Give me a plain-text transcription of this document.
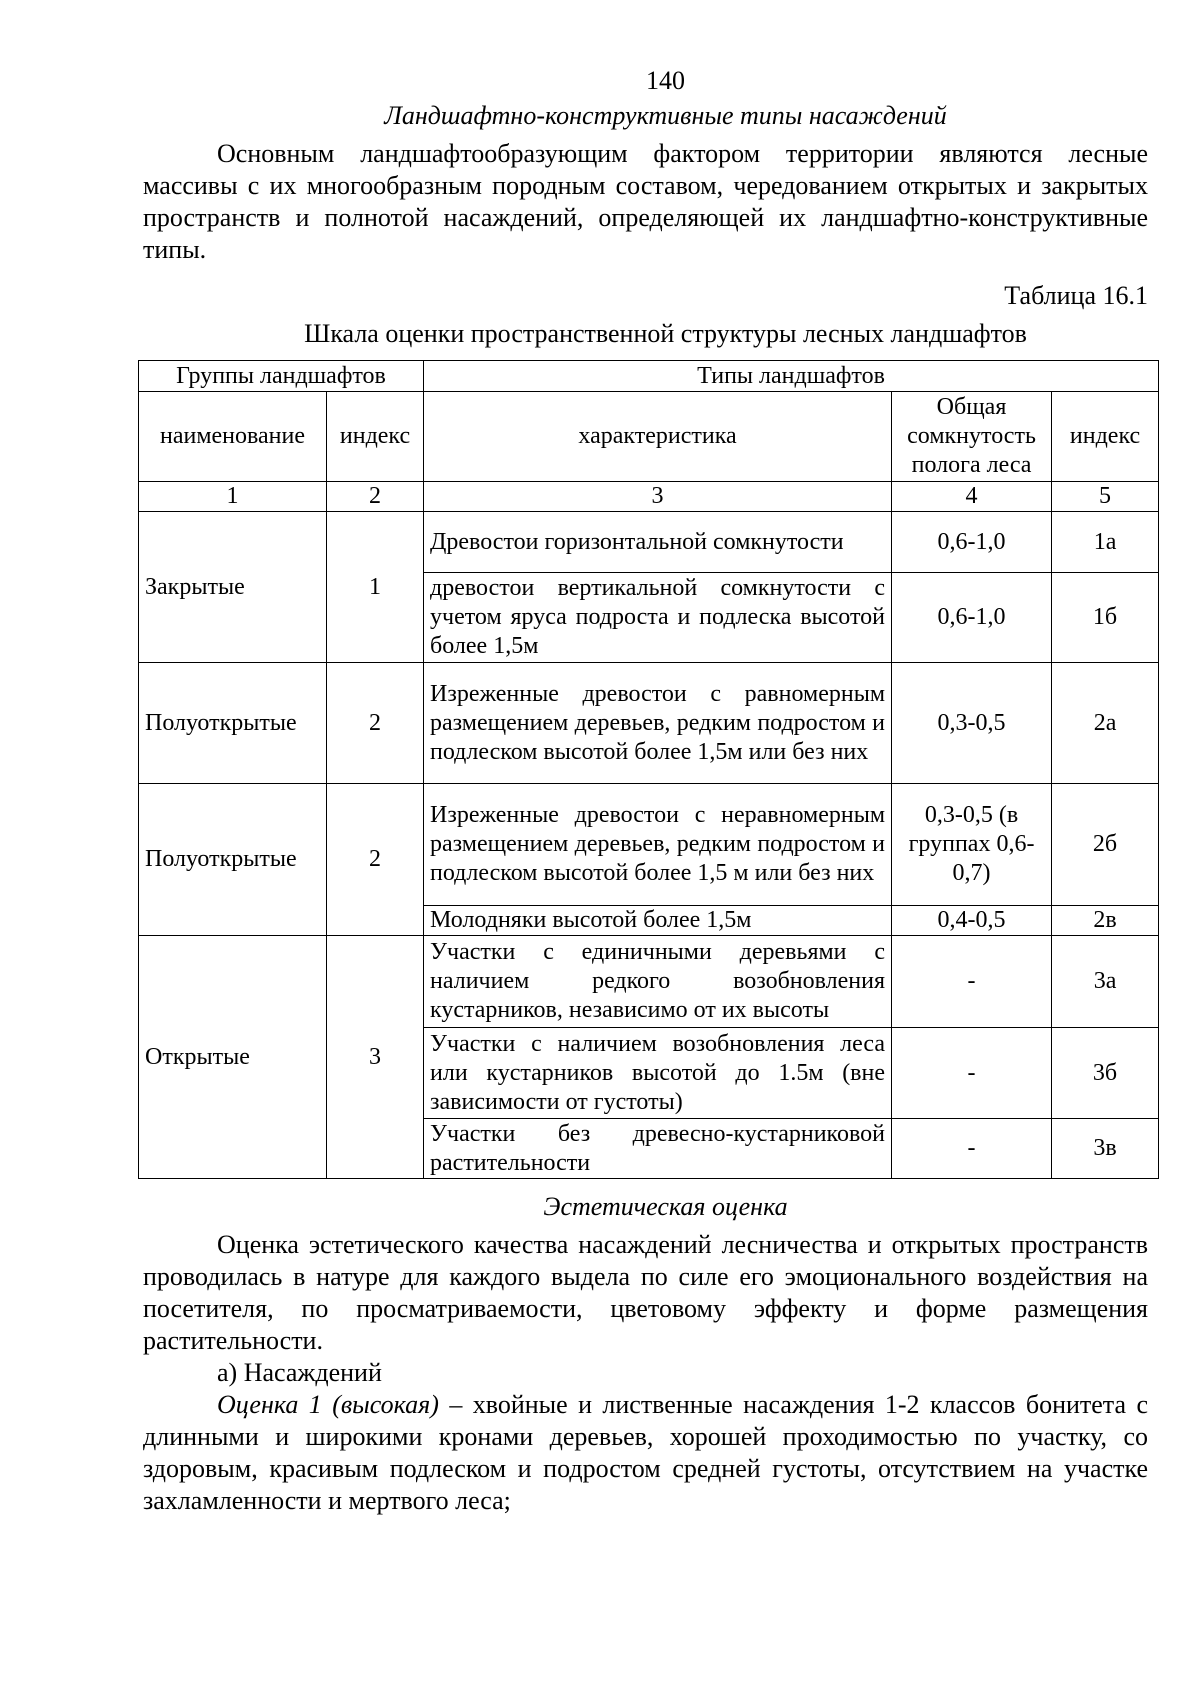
140
Ландшафтно-конструктивные типы насаждений

Основным ландшафтообразующим фактором территории являются лесные массивы с их многообразным породным составом, чередованием открытых и закрытых пространств и полнотой насаждений, определяющей их ландшафтно-конструктивные типы.

Таблица 16.1
Шкала оценки пространственной структуры лесных ландшафтов
Группы ландшафтов		Типы ландшафтов		
наименование	индекс	характеристика	Общая сомкнутость полога леса	индекс
1	2	3	4	5
Закрытые	1	Древостои горизонтальной сомкнутости	0,6-1,0	1а
		древостои вертикальной сомкнутости с учетом яруса подроста и подлеска высотой более 1,5м	0,6-1,0	1б
Полуоткрытые	2	Изреженные древостои с равномерным размещением деревьев, редким подростом и подлеском высотой более 1,5м или без них	0,3-0,5	2а
Полуоткрытые	2	Изреженные древостои с неравномерным размещением деревьев, редким подростом и подлеском высотой более 1,5 м или без них	0,3-0,5 (в группах 0,6-0,7)	2б
		Молодняки высотой более 1,5м	0,4-0,5	2в
Открытые	3	Участки с единичными деревьями с наличием редкого возобновления кустарников, независимо от их высоты	-	3а
		Участки с наличием возобновления леса или кустарников высотой до 1.5м (вне зависимости от густоты)	-	3б
		Участки без древесно-кустарниковой растительности	-	3в
Эстетическая оценка

Оценка эстетического качества насаждений лесничества и открытых пространств проводилась в натуре для каждого выдела по силе его эмоционального воздействия на посетителя, по просматриваемости, цветовому эффекту и форме размещения растительности.

а) Насаждений

Оценка 1 (высокая) – хвойные и лиственные насаждения 1-2 классов бонитета с длинными и широкими кронами деревьев, хорошей проходимостью по участку, со здоровым, красивым подлеском и подростом средней густоты, отсутствием на участке захламленности и мертвого леса;
